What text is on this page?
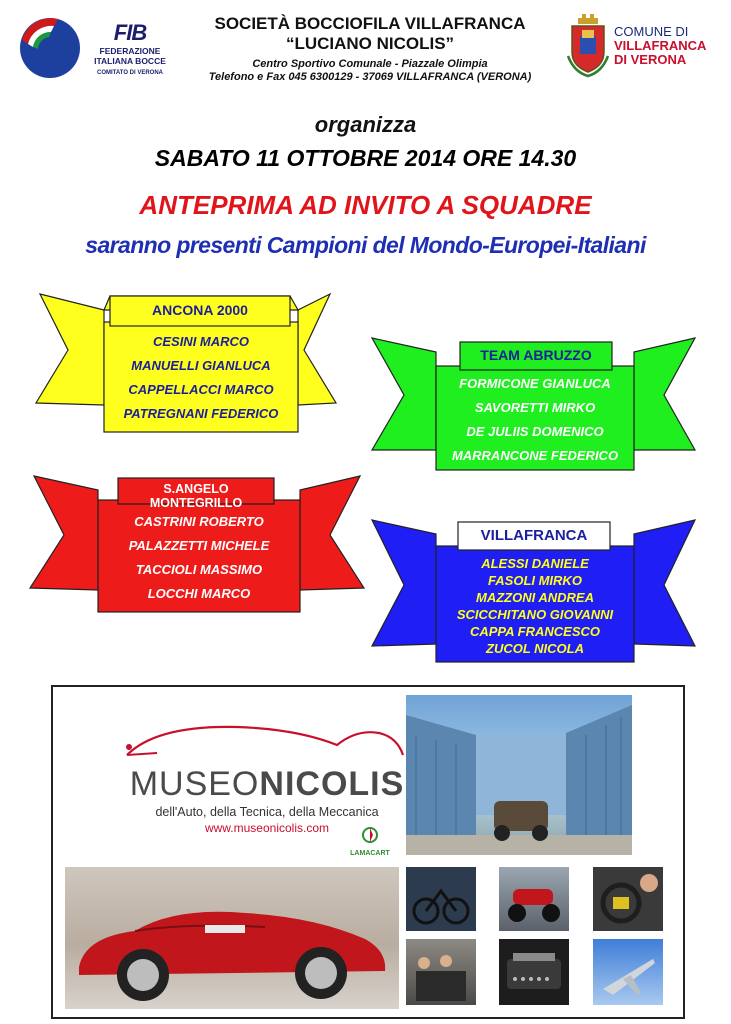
FIB
FEDERAZIONE
ITALIANA BOCCE
COMITATO DI VERONA
SOCIETÀ BOCCIOFILA VILLAFRANCA
“LUCIANO NICOLIS”
Centro Sportivo Comunale - Piazzale Olimpia
Telefono e Fax 045 6300129 - 37069 VILLAFRANCA (VERONA)
COMUNE DI
VILLAFRANCA
DI VERONA
organizza
SABATO 11 OTTOBRE 2014 ORE 14.30
ANTEPRIMA AD INVITO A SQUADRE
saranno presenti Campioni del Mondo-Europei-Italiani
ANCONA 2000
CESINI MARCO
MANUELLI GIANLUCA
CAPPELLACCI MARCO
PATREGNANI FEDERICO
TEAM ABRUZZO
FORMICONE GIANLUCA
SAVORETTI MIRKO
DE JULIIS DOMENICO
MARRANCONE FEDERICO
S.ANGELO MONTEGRILLO
CASTRINI ROBERTO
PALAZZETTI MICHELE
TACCIOLI MASSIMO
LOCCHI MARCO
VILLAFRANCA
ALESSI DANIELE
FASOLI MIRKO
MAZZONI ANDREA
SCICCHITANO GIOVANNI
CAPPA FRANCESCO
ZUCOL NICOLA
MUSEONICOLIS
dell'Auto, della Tecnica, della Meccanica
www.museonicolis.com
LAMACART
